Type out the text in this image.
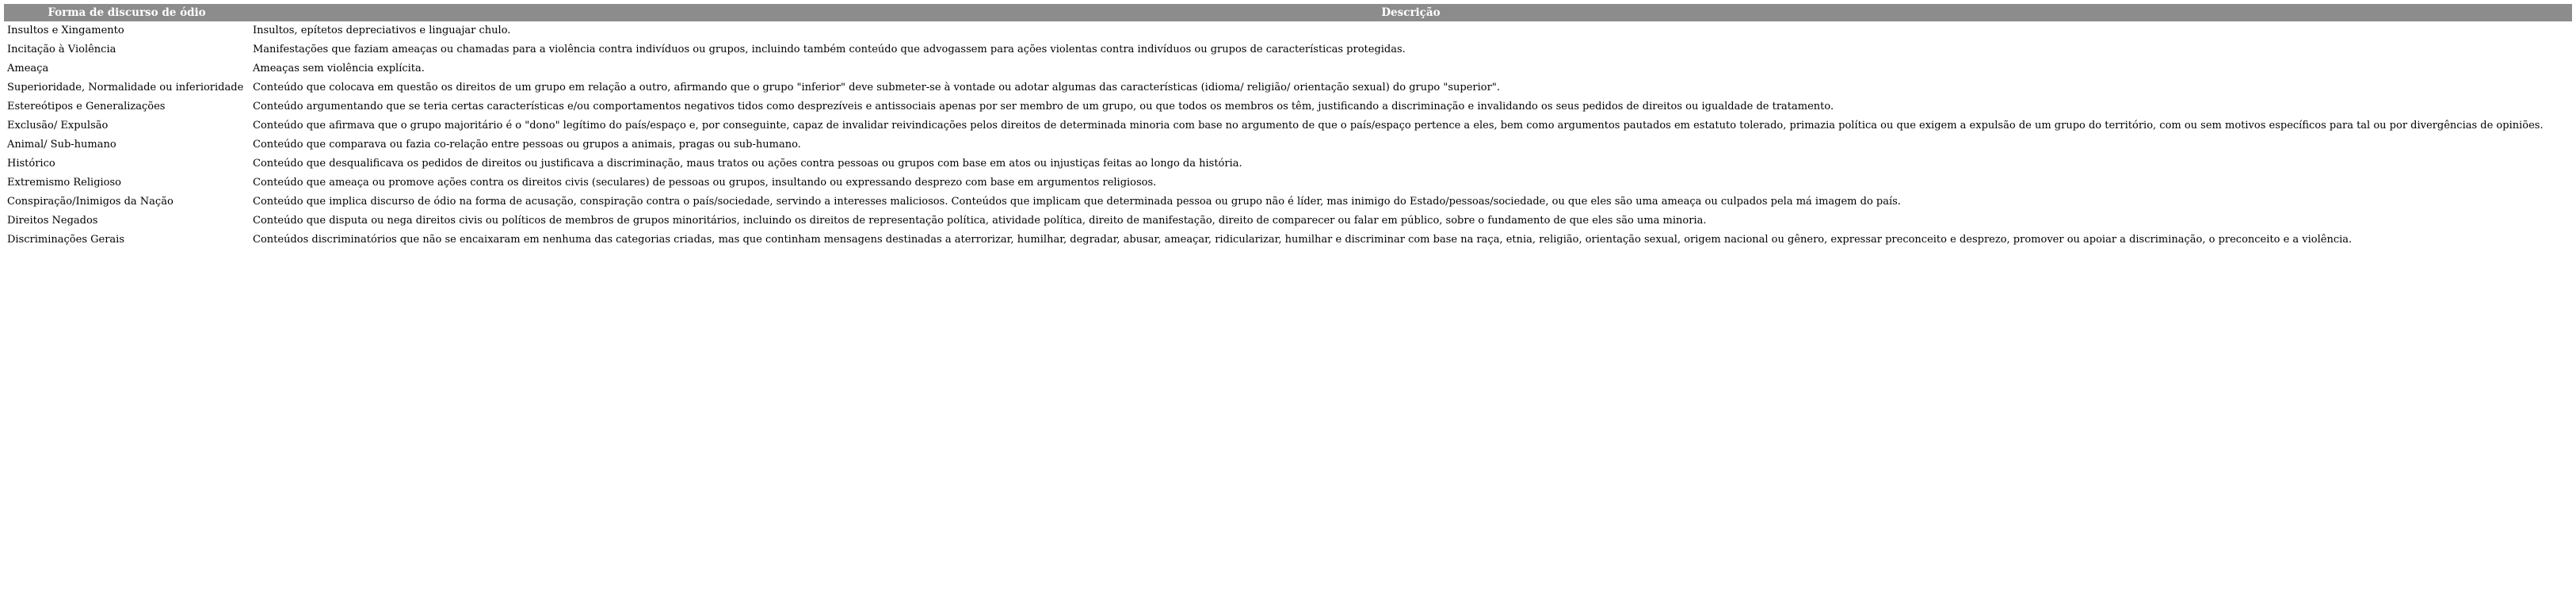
Forma de discurso de ódio	Descrição
Insultos e Xingamento	Insultos, epítetos depreciativos e linguajar chulo.
Incitação à Violência	Manifestações que faziam ameaças ou chamadas para a violência contra indivíduos ou grupos, incluindo também conteúdo que advogassem para ações violentas contra indivíduos ou grupos de características protegidas.
Ameaça	Ameaças sem violência explícita.
Superioridade, Normalidade ou inferioridade	Conteúdo que colocava em questão os direitos de um grupo em relação a outro, afirmando que o grupo "inferior" deve submeter-se à vontade ou adotar algumas das características (idioma/ religião/ orientação sexual) do grupo "superior".
Estereótipos e Generalizações	Conteúdo argumentando que se teria certas características e/ou comportamentos negativos tidos como desprezíveis e antissociais apenas por ser membro de um grupo, ou que todos os membros os têm, justificando a discriminação e invalidando os seus pedidos de direitos ou igualdade de tratamento.
Exclusão/ Expulsão	Conteúdo que afirmava que o grupo majoritário é o "dono" legítimo do país/espaço e, por conseguinte, capaz de invalidar reivindicações pelos direitos de determinada minoria com base no argumento de que o país/espaço pertence a eles, bem como argumentos pautados em estatuto tolerado, primazia política ou que exigem a expulsão de um grupo do território, com ou sem motivos específicos para tal ou por divergências de opiniões.
Animal/ Sub-humano	Conteúdo que comparava ou fazia co-relação entre pessoas ou grupos a animais, pragas ou sub-humano.
Histórico	Conteúdo que desqualificava os pedidos de direitos ou justificava a discriminação, maus tratos ou ações contra pessoas ou grupos com base em atos ou injustiças feitas ao longo da história.
Extremismo Religioso	Conteúdo que ameaça ou promove ações contra os direitos civis (seculares) de pessoas ou grupos, insultando ou expressando desprezo com base em argumentos religiosos.
Conspiração/Inimigos da Nação	Conteúdo que implica discurso de ódio na forma de acusação, conspiração contra o país/sociedade, servindo a interesses maliciosos. Conteúdos que implicam que determinada pessoa ou grupo não é líder, mas inimigo do Estado/pessoas/sociedade, ou que eles são uma ameaça ou culpados pela má imagem do país.
Direitos Negados	Conteúdo que disputa ou nega direitos civis ou políticos de membros de grupos minoritários, incluindo os direitos de representação política, atividade política, direito de manifestação, direito de comparecer ou falar em público, sobre o fundamento de que eles são uma minoria.
Discriminações Gerais	Conteúdos discriminatórios que não se encaixaram em nenhuma das categorias criadas, mas que continham mensagens destinadas a aterrorizar, humilhar, degradar, abusar, ameaçar, ridicularizar, humilhar e discriminar com base na raça, etnia, religião, orientação sexual, origem nacional ou gênero, expressar preconceito e desprezo, promover ou apoiar a discriminação, o preconceito e a violência.
